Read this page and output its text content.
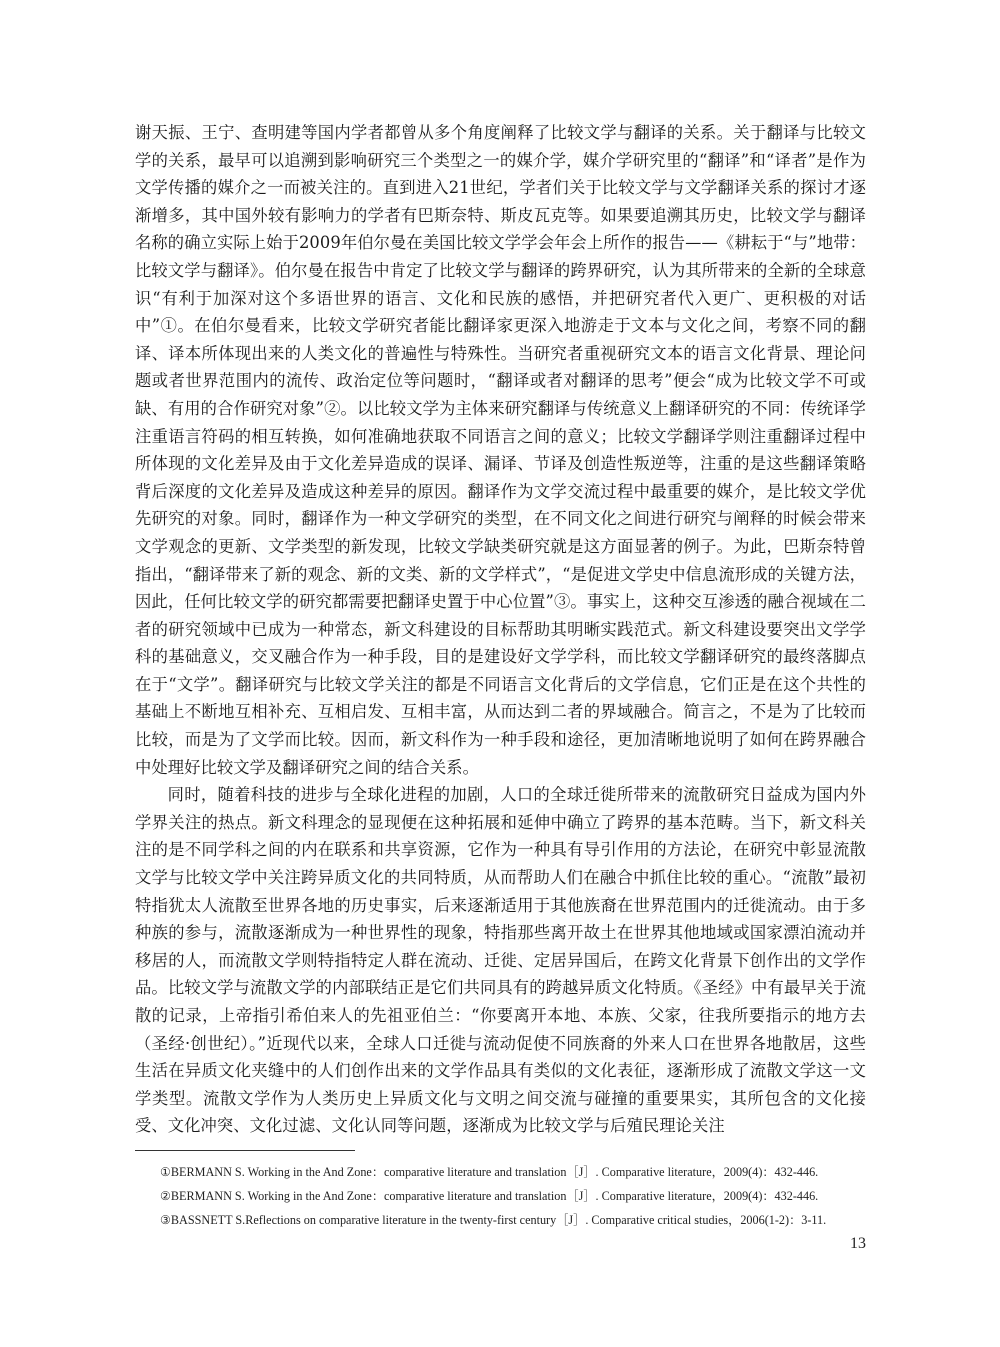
谢天振、王宁、查明建等国内学者都曾从多个角度阐释了比较文学与翻译的关系。关于翻译与比较文学的关系，最早可以追溯到影响研究三个类型之一的媒介学，媒介学研究里的“翻译”和“译者”是作为文学传播的媒介之一而被关注的。直到进入21世纪，学者们关于比较文学与文学翻译关系的探讨才逐渐增多，其中国外较有影响力的学者有巴斯奈特、斯皮瓦克等。如果要追溯其历史，比较文学与翻译名称的确立实际上始于2009年伯尔曼在美国比较文学学会年会上所作的报告——《耕耘于“与”地带：比较文学与翻译》。伯尔曼在报告中肯定了比较文学与翻译的跨界研究，认为其所带来的全新的全球意识“有利于加深对这个多语世界的语言、文化和民族的感悟，并把研究者代入更广、更积极的对话中”①。在伯尔曼看来，比较文学研究者能比翻译家更深入地游走于文本与文化之间，考察不同的翻译、译本所体现出来的人类文化的普遍性与特殊性。当研究者重视研究文本的语言文化背景、理论问题或者世界范围内的流传、政治定位等问题时，“翻译或者对翻译的思考”便会“成为比较文学不可或缺、有用的合作研究对象”②。以比较文学为主体来研究翻译与传统意义上翻译研究的不同：传统译学注重语言符码的相互转换，如何准确地获取不同语言之间的意义；比较文学翻译学则注重翻译过程中所体现的文化差异及由于文化差异造成的误译、漏译、节译及创造性叛逆等，注重的是这些翻译策略背后深度的文化差异及造成这种差异的原因。翻译作为文学交流过程中最重要的媒介，是比较文学优先研究的对象。同时，翻译作为一种文学研究的类型，在不同文化之间进行研究与阐释的时候会带来文学观念的更新、文学类型的新发现，比较文学缺类研究就是这方面显著的例子。为此，巴斯奈特曾指出，“翻译带来了新的观念、新的文类、新的文学样式”，“是促进文学史中信息流形成的关键方法，因此，任何比较文学的研究都需要把翻译史置于中心位置”③。事实上，这种交互渗透的融合视域在二者的研究领域中已成为一种常态，新文科建设的目标帮助其明晰实践范式。新文科建设要突出文学学科的基础意义，交叉融合作为一种手段，目的是建设好文学学科，而比较文学翻译研究的最终落脚点在于“文学”。翻译研究与比较文学关注的都是不同语言文化背后的文学信息，它们正是在这个共性的基础上不断地互相补充、互相启发、互相丰富，从而达到二者的界域融合。简言之，不是为了比较而比较，而是为了文学而比较。因而，新文科作为一种手段和途径，更加清晰地说明了如何在跨界融合中处理好比较文学及翻译研究之间的结合关系。

同时，随着科技的进步与全球化进程的加剧，人口的全球迁徙所带来的流散研究日益成为国内外学界关注的热点。新文科理念的显现便在这种拓展和延伸中确立了跨界的基本范畴。当下，新文科关注的是不同学科之间的内在联系和共享资源，它作为一种具有导引作用的方法论，在研究中彰显流散文学与比较文学中关注跨异质文化的共同特质，从而帮助人们在融合中抓住比较的重心。“流散”最初特指犹太人流散至世界各地的历史事实，后来逐渐适用于其他族裔在世界范围内的迁徙流动。由于多种族的参与，流散逐渐成为一种世界性的现象，特指那些离开故土在世界其他地域或国家漂泊流动并移居的人，而流散文学则特指特定人群在流动、迁徙、定居异国后，在跨文化背景下创作出的文学作品。比较文学与流散文学的内部联结正是它们共同具有的跨越异质文化特质。《圣经》中有最早关于流散的记录，上帝指引希伯来人的先祖亚伯兰：“你要离开本地、本族、父家，往我所要指示的地方去（圣经·创世纪）。”近现代以来，全球人口迁徙与流动促使不同族裔的外来人口在世界各地散居，这些生活在异质文化夹缝中的人们创作出来的文学作品具有类似的文化表征，逐渐形成了流散文学这一文学类型。流散文学作为人类历史上异质文化与文明之间交流与碰撞的重要果实，其所包含的文化接受、文化冲突、文化过滤、文化认同等问题，逐渐成为比较文学与后殖民理论关注

①BERMANN S. Working in the And Zone：comparative literature and translation［J］. Comparative literature，2009(4)：432-446.
②BERMANN S. Working in the And Zone：comparative literature and translation［J］. Comparative literature，2009(4)：432-446.
③BASSNETT S.Reflections on comparative literature in the twenty-first century［J］. Comparative critical studies，2006(1-2)：3-11.
13
